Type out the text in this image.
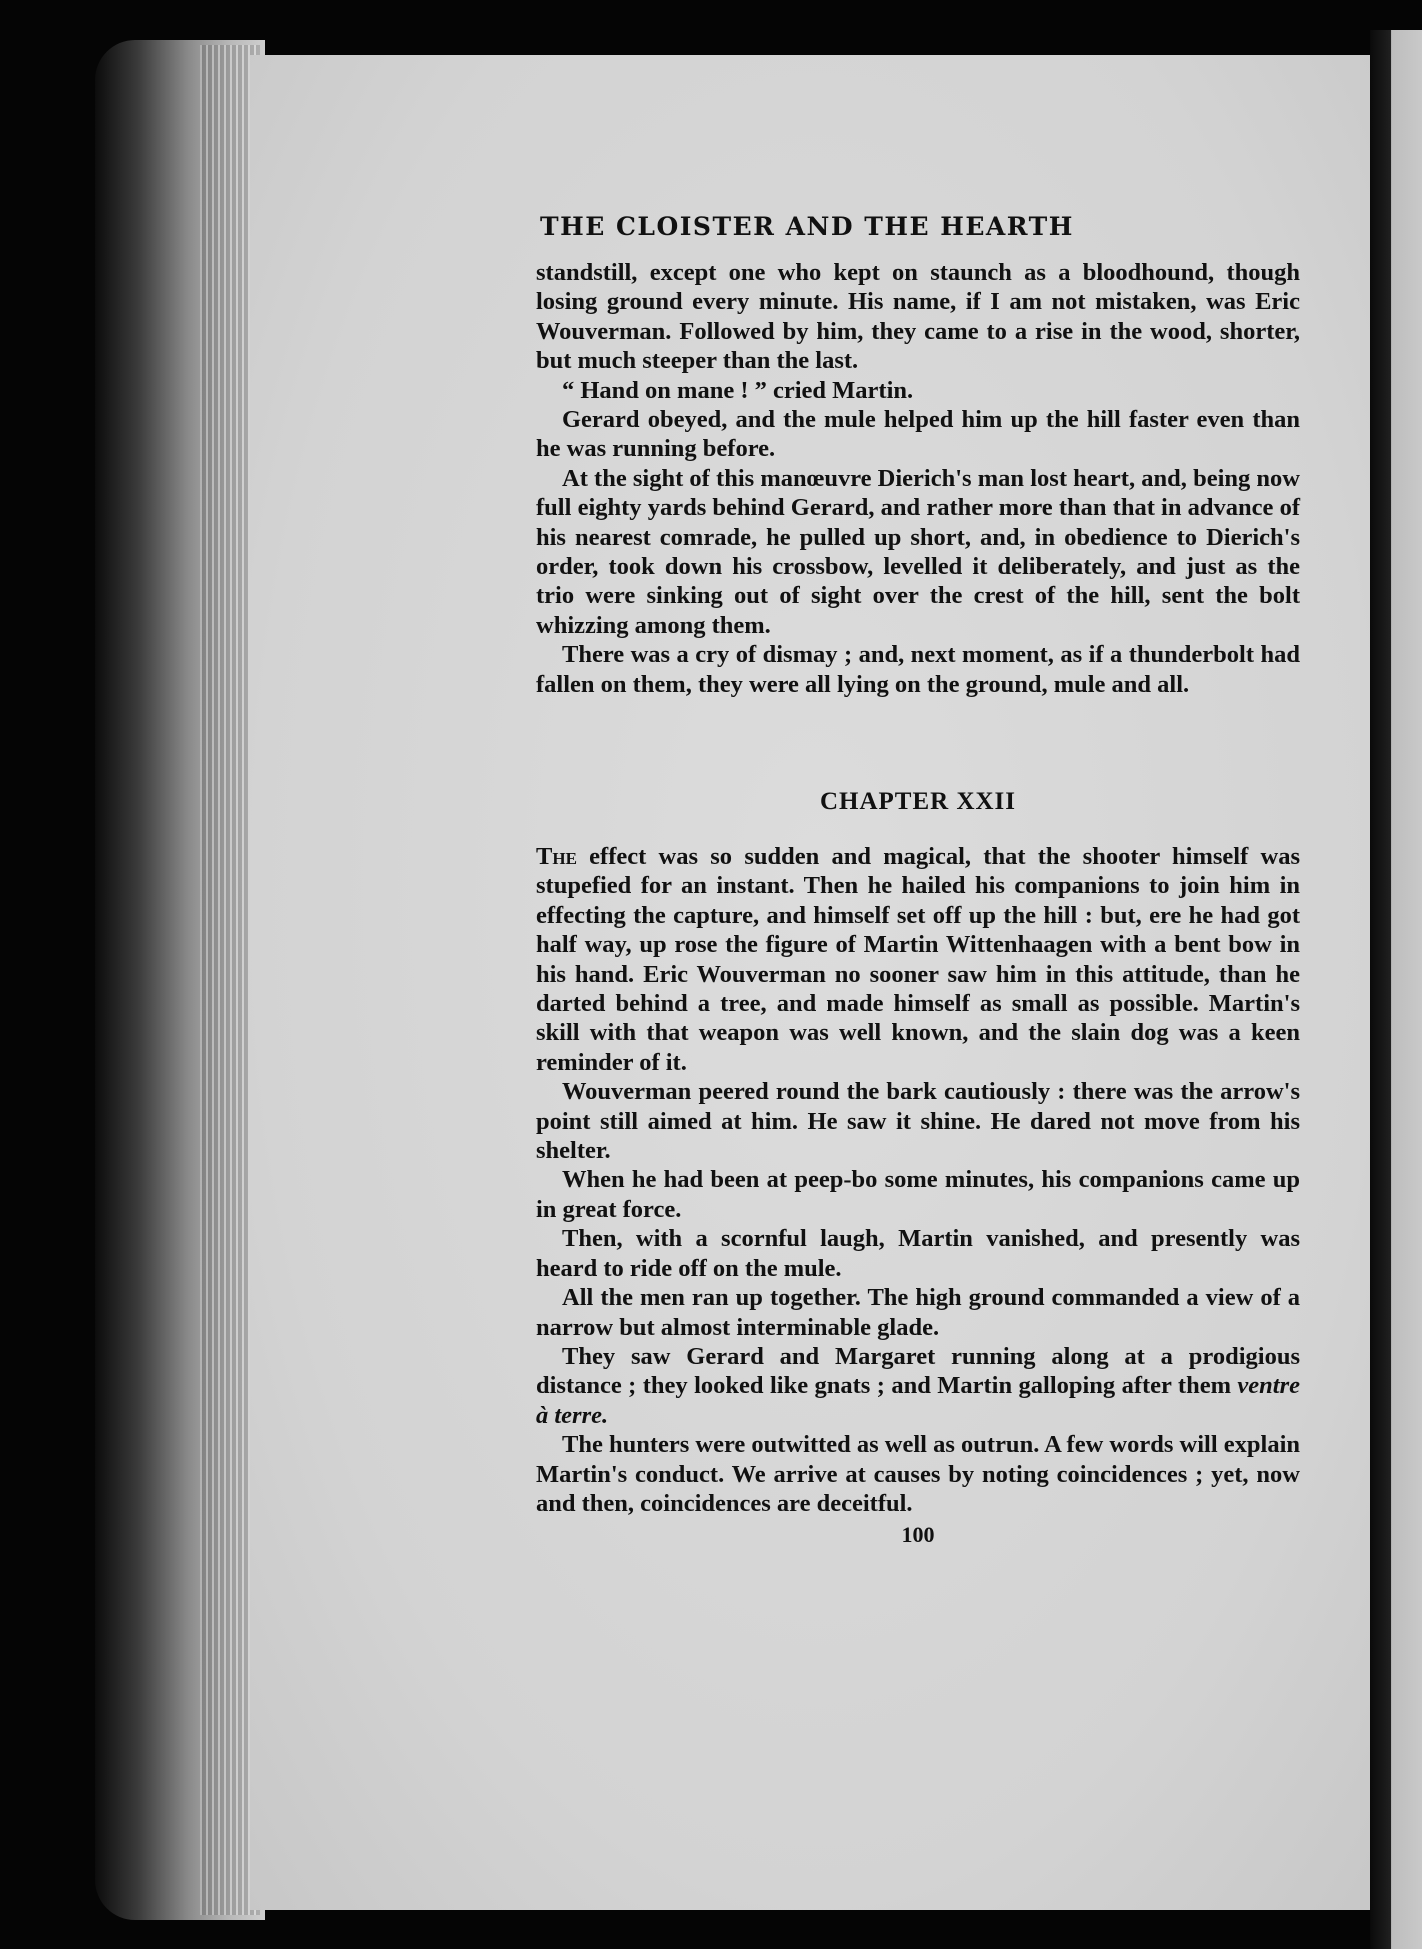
THE CLOISTER AND THE HEARTH

standstill, except one who kept on staunch as a bloodhound, though losing ground every minute. His name, if I am not mistaken, was Eric Wouverman. Followed by him, they came to a rise in the wood, shorter, but much steeper than the last.

“ Hand on mane ! ” cried Martin.

Gerard obeyed, and the mule helped him up the hill faster even than he was running before.

At the sight of this manœuvre Dierich's man lost heart, and, being now full eighty yards behind Gerard, and rather more than that in advance of his nearest comrade, he pulled up short, and, in obedience to Dierich's order, took down his crossbow, levelled it deliberately, and just as the trio were sinking out of sight over the crest of the hill, sent the bolt whizzing among them.

There was a cry of dismay ; and, next moment, as if a thunderbolt had fallen on them, they were all lying on the ground, mule and all.

CHAPTER XXII

The effect was so sudden and magical, that the shooter himself was stupefied for an instant. Then he hailed his companions to join him in effecting the capture, and himself set off up the hill : but, ere he had got half way, up rose the figure of Martin Wittenhaagen with a bent bow in his hand. Eric Wouverman no sooner saw him in this attitude, than he darted behind a tree, and made himself as small as possible. Martin's skill with that weapon was well known, and the slain dog was a keen reminder of it.

Wouverman peered round the bark cautiously : there was the arrow's point still aimed at him. He saw it shine. He dared not move from his shelter.

When he had been at peep-bo some minutes, his companions came up in great force.

Then, with a scornful laugh, Martin vanished, and presently was heard to ride off on the mule.

All the men ran up together. The high ground commanded a view of a narrow but almost interminable glade.

They saw Gerard and Margaret running along at a prodigious distance ; they looked like gnats ; and Martin galloping after them ventre à terre.

The hunters were outwitted as well as outrun. A few words will explain Martin's conduct. We arrive at causes by noting coincidences ; yet, now and then, coincidences are deceitful.

100
